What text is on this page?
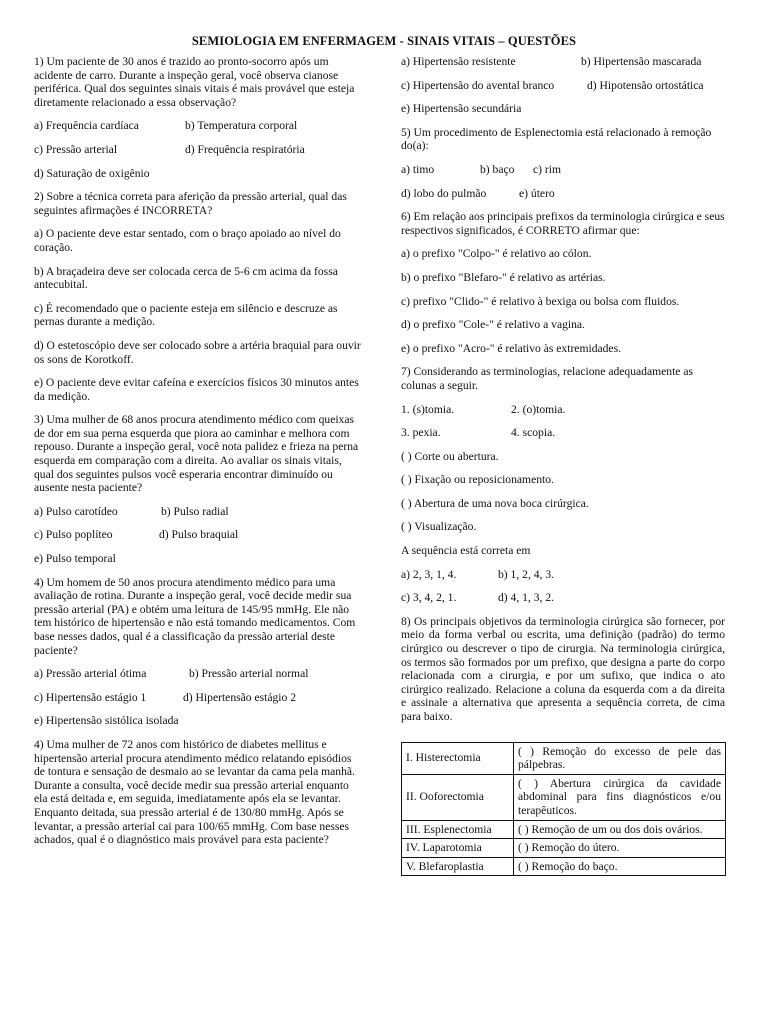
SEMIOLOGIA EM ENFERMAGEM - SINAIS VITAIS – QUESTÕES

1) Um paciente de 30 anos é trazido ao pronto-socorro após um acidente de carro. Durante a inspeção geral, você observa cianose periférica. Qual dos seguintes sinais vitais é mais provável que esteja diretamente relacionado a essa observação?

a) Frequência cardíaca	b) Temperatura corporal
c) Pressão arterial	d) Frequência respiratória

d) Saturação de oxigênio

2) Sobre a técnica correta para aferição da pressão arterial, qual das seguintes afirmações é INCORRETA?

a) O paciente deve estar sentado, com o braço apoiado ao nível do coração.

b) A braçadeira deve ser colocada cerca de 5-6 cm acima da fossa antecubital.

c) É recomendado que o paciente esteja em silêncio e descruze as pernas durante a medição.

d) O estetoscópio deve ser colocado sobre a artéria braquial para ouvir os sons de Korotkoff.

e) O paciente deve evitar cafeína e exercícios físicos 30 minutos antes da medição.

3) Uma mulher de 68 anos procura atendimento médico com queixas de dor em sua perna esquerda que piora ao caminhar e melhora com repouso. Durante a inspeção geral, você nota palidez e frieza na perna esquerda em comparação com a direita. Ao avaliar os sinais vitais, qual dos seguintes pulsos você esperaria encontrar diminuído ou ausente nesta paciente?

a) Pulso carotídeo	b) Pulso radial
c) Pulso poplíteo	d) Pulso braquial

e) Pulso temporal

4) Um homem de 50 anos procura atendimento médico para uma avaliação de rotina. Durante a inspeção geral, você decide medir sua pressão arterial (PA) e obtém uma leitura de 145/95 mmHg. Ele não tem histórico de hipertensão e não está tomando medicamentos. Com base nesses dados, qual é a classificação da pressão arterial deste paciente?

a) Pressão arterial ótima	b) Pressão arterial normal
c) Hipertensão estágio 1	d) Hipertensão estágio 2

e) Hipertensão sistólica isolada

4) Uma mulher de 72 anos com histórico de diabetes mellitus e hipertensão arterial procura atendimento médico relatando episódios de tontura e sensação de desmaio ao se levantar da cama pela manhã. Durante a consulta, você decide medir sua pressão arterial enquanto ela está deitada e, em seguida, imediatamente após ela se levantar. Enquanto deitada, sua pressão arterial é de 130/80 mmHg. Após se levantar, a pressão arterial cai para 100/65 mmHg. Com base nesses achados, qual é o diagnóstico mais provável para esta paciente?

a) Hipertensão resistente	b) Hipertensão mascarada
c) Hipertensão do avental branco	d) Hipotensão ortostática

e) Hipertensão secundária

5) Um procedimento de Esplenectomia está relacionado à remoção do(a):

a) timo	b) baço	c) rim
d) lobo do pulmão	e) útero

6) Em relação aos principais prefixos da terminologia cirúrgica e seus respectivos significados, é CORRETO afirmar que:

a) o prefixo "Colpo-" é relativo ao cólon.

b) o prefixo "Blefaro-" é relativo as artérias.

c) prefixo "Clido-" é relativo à bexiga ou bolsa com fluidos.

d) o prefixo "Cole-" é relativo a vagina.

e) o prefixo "Acro-" é relativo às extremidades.

7) Considerando as terminologias, relacione adequadamente as colunas a seguir.

1. (s)tomia.	2. (o)tomia.
3. pexia.	4. scopia.

( ) Corte ou abertura.

( ) Fixação ou reposicionamento.

( ) Abertura de uma nova boca cirúrgica.

( ) Visualização.

A sequência está correta em

a) 2, 3, 1, 4.	b) 1, 2, 4, 3.
c) 3, 4, 2, 1.	d) 4, 1, 3, 2.

8) Os principais objetivos da terminologia cirúrgica são fornecer, por meio da forma verbal ou escrita, uma definição (padrão) do termo cirúrgico ou descrever o tipo de cirurgia. Na terminologia cirúrgica, os termos são formados por um prefixo, que designa a parte do corpo relacionada com a cirurgia, e por um sufixo, que indica o ato cirúrgico realizado. Relacione a coluna da esquerda com a da direita e assinale a alternativa que apresenta a sequência correta, de cima para baixo.

I. Histerectomia	( ) Remoção do excesso de pele das pálpebras.
II. Ooforectomia	( ) Abertura cirúrgica da cavidade abdominal para fins diagnósticos e/ou terapêuticos.
III. Esplenectomia	( ) Remoção de um ou dos dois ovários.
IV. Laparotomia	( ) Remoção do útero.
V. Blefaroplastia	( ) Remoção do baço.
